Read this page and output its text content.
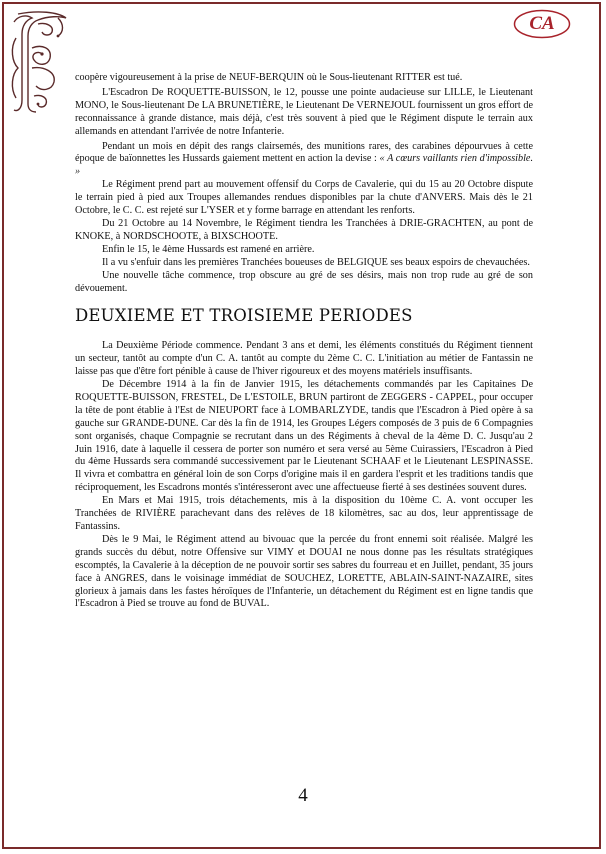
CA

coopère vigoureusement à la prise de NEUF-BERQUIN où le Sous-lieutenant RITTER est tué.

L'Escadron De ROQUETTE-BUISSON, le 12, pousse une pointe audacieuse sur LILLE, le Lieutenant MONO, le Sous-lieutenant De LA BRUNETIÈRE, le Lieutenant De VERNEJOUL fournissent un gros effort de reconnaissance à grande distance, mais déjà, c'est très souvent à pied que le Régiment dispute le terrain aux allemands en attendant l'arrivée de notre Infanterie.

Pendant un mois en dépit des rangs clairsemés, des munitions rares, des carabines dépourvues à cette époque de baïonnettes les Hussards gaiement mettent en action la devise : « A cœurs vaillants rien d'impossible. »

Le Régiment prend part au mouvement offensif du Corps de Cavalerie, qui du 15 au 20 Octobre dispute le terrain pied à pied aux Troupes allemandes rendues disponibles par la chute d'ANVERS. Mais dès le 21 Octobre, le C. C. est rejeté sur L'YSER et y forme barrage en attendant les renforts.

Du 21 Octobre au 14 Novembre, le Régiment tiendra les Tranchées à DRIE-GRACHTEN, au pont de KNOKE, à NORDSCHOOTE, à BIXSCHOOTE.

Enfin le 15, le 4ème Hussards est ramené en arrière.

Il a vu s'enfuir dans les premières Tranchées boueuses de BELGIQUE ses beaux espoirs de chevauchées.

Une nouvelle tâche commence, trop obscure au gré de ses désirs, mais non trop rude au gré de son dévouement.

DEUXIEME ET TROISIEME PERIODES

La Deuxième Période commence. Pendant 3 ans et demi, les éléments constitués du Régiment tiennent un secteur, tantôt au compte d'un C. A. tantôt au compte du 2ème C. C. L'initiation au métier de Fantassin ne laisse pas que d'être fort pénible à cause de l'hiver rigoureux et des moyens matériels insuffisants.

De Décembre 1914 à la fin de Janvier 1915, les détachements commandés par les Capitaines De ROQUETTE-BUISSON, FRESTEL, De L'ESTOILE, BRUN partiront de ZEGGERS - CAPPEL, pour occuper la tête de pont établie à l'Est de NIEUPORT face à LOMBARLZYDE, tandis que l'Escadron à Pied opère à sa gauche sur GRANDE-DUNE. Car dès la fin de 1914, les Groupes Légers composés de 3 puis de 6 Compagnies sont organisés, chaque Compagnie se recrutant dans un des Régiments à cheval de la 4ème D. C. Jusqu'au 2 Juin 1916, date à laquelle il cessera de porter son numéro et sera versé au 5ème Cuirassiers, l'Escadron à Pied du 4ème Hussards sera commandé successivement par le Lieutenant SCHAAF et le Lieutenant LESPINASSE. Il vivra et combattra en général loin de son Corps d'origine mais il en gardera l'esprit et les traditions tandis que réciproquement, les Escadrons montés s'intéresseront avec une affectueuse fierté à ses destinées souvent dures.

En Mars et Mai 1915, trois détachements, mis à la disposition du 10ème C. A. vont occuper les Tranchées de RIVIÈRE parachevant dans des relèves de 18 kilomètres, sac au dos, leur apprentissage de Fantassins.

Dès le 9 Mai, le Régiment attend au bivouac que la percée du front ennemi soit réalisée. Malgré les grands succès du début, notre Offensive sur VIMY et DOUAI ne nous donne pas les résultats stratégiques escomptés, la Cavalerie à la déception de ne pouvoir sortir ses sabres du fourreau et en Juillet, pendant, 35 jours face à ANGRES, dans le voisinage immédiat de SOUCHEZ, LORETTE, ABLAIN-SAINT-NAZAIRE, sites glorieux à jamais dans les fastes héroïques de l'Infanterie, un détachement du Régiment est en ligne tandis que l'Escadron à Pied se trouve au fond de BUVAL.

4
